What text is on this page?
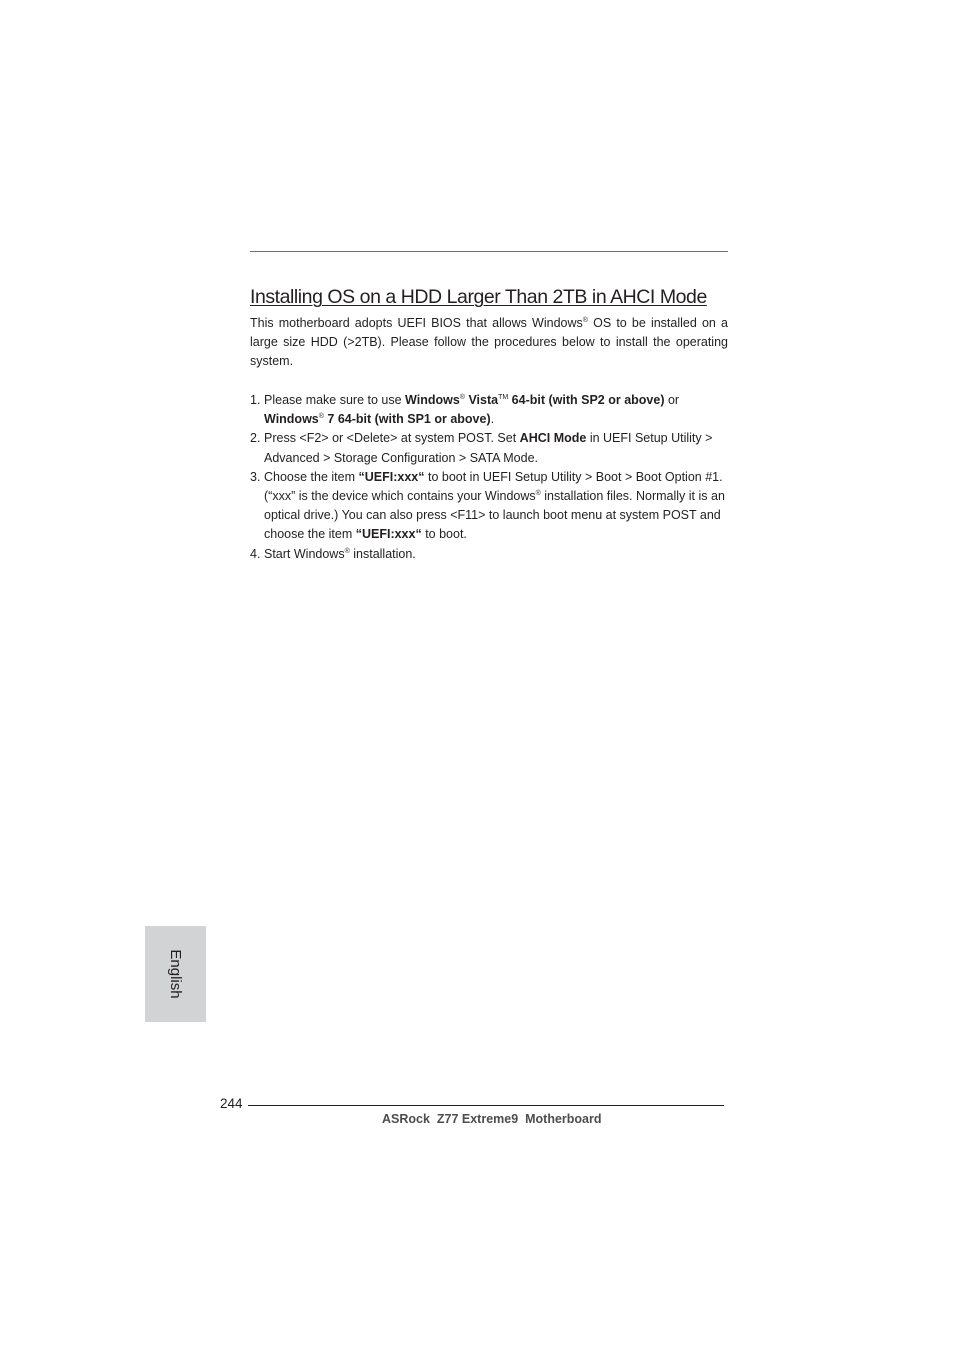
Installing OS on a HDD Larger Than 2TB in AHCI Mode

This motherboard adopts UEFI BIOS that allows Windows® OS to be installed on a large size HDD (>2TB). Please follow the procedures below to install the operating system.

1. Please make sure to use Windows® Vista™ 64-bit (with SP2 or above) or
Windows® 7 64-bit (with SP1 or above).
2. Press <F2> or <Delete> at system POST. Set AHCI Mode in UEFI Setup Utility > Advanced > Storage Configuration > SATA Mode.
3. Choose the item “UEFI:xxx“ to boot in UEFI Setup Utility > Boot > Boot Option #1. (“xxx” is the device which contains your Windows® installation files. Normally it is an optical drive.) You can also press <F11> to launch boot menu at system POST and choose the item “UEFI:xxx“ to boot.
4. Start Windows® installation.
English
244
ASRock  Z77 Extreme9  Motherboard
